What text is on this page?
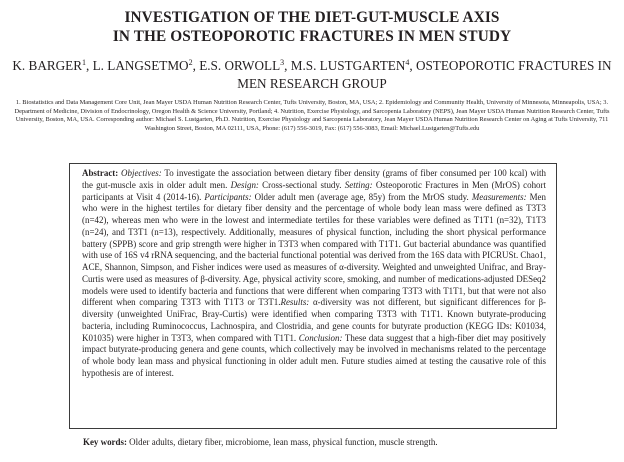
INVESTIGATION OF THE DIET-GUT-MUSCLE AXIS
IN THE OSTEOPOROTIC FRACTURES IN MEN STUDY
K. BARGER$^1$, L. LANGSETMO$^2$, E.S. ORWOLL$^3$, M.S. LUSTGARTEN$^4$, OSTEOPOROTIC FRACTURES IN MEN RESEARCH GROUP
1. Biostatistics and Data Management Core Unit, Jean Mayer USDA Human Nutrition Research Center, Tufts University, Boston, MA, USA; 2. Epidemiology and Community Health, University of Minnesota, Minneapolis, USA; 3. Department of Medicine, Division of Endocrinology, Oregon Health & Science University, Portland; 4. Nutrition, Exercise Physiology, and Sarcopenia Laboratory (NEPS), Jean Mayer USDA Human Nutrition Research Center, Tufts University, Boston, MA, USA. Corresponding author: Michael S. Lustgarten, Ph.D. Nutrition, Exercise Physiology and Sarcopenia Laboratory, Jean Mayer USDA Human Nutrition Research Center on Aging at Tufts University, 711 Washington Street, Boston, MA 02111, USA, Phone: (617) 556-3019, Fax: (617) 556-3083, Email: Michael.Lustgarten@Tufts.edu
Abstract: Objectives: To investigate the association between dietary fiber density (grams of fiber consumed per 100 kcal) with the gut-muscle axis in older adult men. Design: Cross-sectional study. Setting: Osteoporotic Fractures in Men (MrOS) cohort participants at Visit 4 (2014-16). Participants: Older adult men (average age, 85y) from the MrOS study. Measurements: Men who were in the highest tertiles for dietary fiber density and the percentage of whole body lean mass were defined as T3T3 (n=42), whereas men who were in the lowest and intermediate tertiles for these variables were defined as T1T1 (n=32), T1T3 (n=24), and T3T1 (n=13), respectively. Additionally, measures of physical function, including the short physical performance battery (SPPB) score and grip strength were higher in T3T3 when compared with T1T1. Gut bacterial abundance was quantified with use of 16S v4 rRNA sequencing, and the bacterial functional potential was derived from the 16S data with PICRUSt. Chao1, ACE, Shannon, Simpson, and Fisher indices were used as measures of α-diversity. Weighted and unweighted Unifrac, and Bray-Curtis were used as measures of β-diversity. Age, physical activity score, smoking, and number of medications-adjusted DESeq2 models were used to identify bacteria and functions that were different when comparing T3T3 with T1T1, but that were not also different when comparing T3T3 with T1T3 or T3T1.Results: α-diversity was not different, but significant differences for β-diversity (unweighted UniFrac, Bray-Curtis) were identified when comparing T3T3 with T1T1. Known butyrate-producing bacteria, including Ruminococcus, Lachnospira, and Clostridia, and gene counts for butyrate production (KEGG IDs: K01034, K01035) were higher in T3T3, when compared with T1T1. Conclusion: These data suggest that a high-fiber diet may positively impact butyrate-producing genera and gene counts, which collectively may be involved in mechanisms related to the percentage of whole body lean mass and physical functioning in older adult men. Future studies aimed at testing the causative role of this hypothesis are of interest.
Key words: Older adults, dietary fiber, microbiome, lean mass, physical function, muscle strength.
